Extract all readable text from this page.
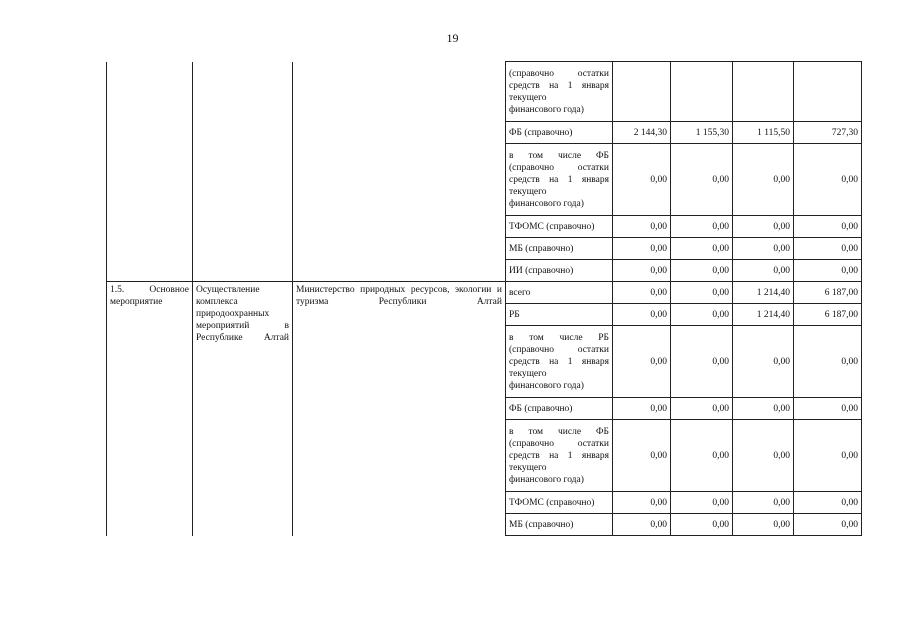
19

			(справочно остатки
средств на 1 января
текущего
финансового года)				

			ФБ (справочно)	2 144,30	1 155,30	1 115,50	727,30

			в том числе ФБ
(справочно остатки
средств на 1 января
текущего
финансового года)	0,00	0,00	0,00	0,00

			ТФОМС (справочно)	0,00	0,00	0,00	0,00

			МБ (справочно)	0,00	0,00	0,00	0,00

			ИИ (справочно)	0,00	0,00	0,00	0,00

1.5. Основное мероприятие	Осуществление комплекса природоохранных мероприятий в Республике Алтай	Министерство природных ресурсов, экологии и туризма Республики Алтай	всего	0,00	0,00	1 214,40	6 187,00

			РБ	0,00	0,00	1 214,40	6 187,00

			в том числе РБ
(справочно остатки
средств на 1 января
текущего
финансового года)	0,00	0,00	0,00	0,00

			ФБ (справочно)	0,00	0,00	0,00	0,00

			в том числе ФБ
(справочно остатки
средств на 1 января
текущего
финансового года)	0,00	0,00	0,00	0,00

			ТФОМС (справочно)	0,00	0,00	0,00	0,00

			МБ (справочно)	0,00	0,00	0,00	0,00
